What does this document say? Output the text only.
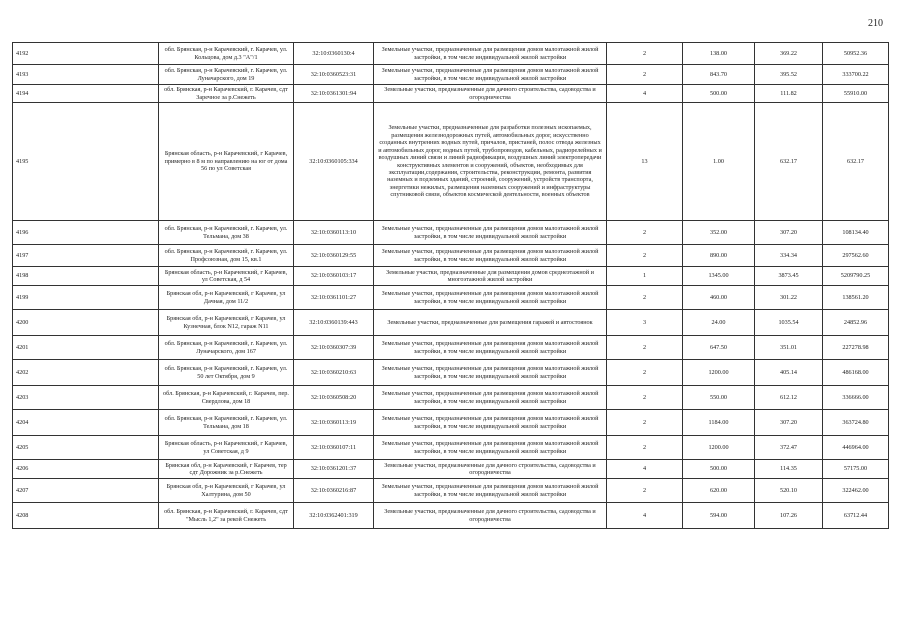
210
4192	обл. Брянская, р-н Карачевский, г. Карачев, ул. Кольцова, дом д.3 "А"/1	32:10:0360130:4	Земельные участки, предназначенные для размещения домов малоэтажной жилой застройки, в том числе индивидуальной жилой застройки	2	138.00	369.22	50952.36
4193	обл. Брянская, р-н Карачевский, г. Карачев, ул. Луначарского, дом 19	32:10:0360523:31	Земельные участки, предназначенные для размещения домов малоэтажной жилой застройки, в том числе индивидуальной жилой застройки	2	843.70	395.52	333700.22
4194	обл. Брянская, р-н Карачевский, г. Карачев, сдт Заречное за р.Снежеть	32:10:0361301:94	Земельные участки, предназначенные для дачного строительства, садоводства и огородничества	4	500.00	111.82	55910.00
4195	Брянская область, р-н Карачевский, г Карачев, примерно в 8 м по направлению на юг от дома 56 по ул Советская	32:10:0360105:334	Земельные участки, предназначенные для разработки полезных ископаемых, размещения железнодорожных путей, автомобильных дорог, искусственно созданных внутренних водных путей, причалов, пристаней, полос отвода железных и автомобильных дорог, водных путей, трубопроводов, кабельных, радиорелейных и воздушных линий связи и линий радиофикации, воздушных линий электропередачи конструктивных элементов и сооружений, объектов, необходимых для эксплуатации,содержания, строительства, реконструкции, ремонта, развития наземных и подземных зданий, строений, сооружений, устройств транспорта, энергетики нежилых, размещения наземных сооружений и инфраструктуры спутниковой связи, объектов космической деятельности, военных объектов	13	1.00	632.17	632.17
4196	обл. Брянская, р-н Карачевский, г. Карачев, ул. Тельмана, дом 38	32:10:0360113:10	Земельные участки, предназначенные для размещения домов малоэтажной жилой застройки, в том числе индивидуальной жилой застройки	2	352.00	307.20	108134.40
4197	обл. Брянская, р-н Карачевский, г. Карачев, ул. Профсоюзная, дом 15, кв.1	32:10:0360129:55	Земельные участки, предназначенные для размещения домов малоэтажной жилой застройки, в том числе индивидуальной жилой застройки	2	890.00	334.34	297562.60
4198	Брянская область, р-н Карачевский, г Карачев, ул Советская, д 54	32:10:0360103:17	Земельные участки, предназначенные для размещения домов среднеэтажной и многоэтажной жилой застройки	1	1345.00	3873.45	5209790.25
4199	Брянская обл, р-н Карачевский, г Карачев, ул Дачная, дом 11/2	32:10:0361101:27	Земельные участки, предназначенные для размещения домов малоэтажной жилой застройки, в том числе индивидуальной жилой застройки	2	460.00	301.22	138561.20
4200	Брянская обл, р-н Карачевский, г Карачев, ул Кузнечная, блок N12, гараж N11	32:10:0360139:443	Земельные участки, предназначенные для размещения гаражей и автостоянок	3	24.00	1035.54	24852.96
4201	обл. Брянская, р-н Карачевский, г. Карачев, ул. Луначарского, дом 167	32:10:0360307:39	Земельные участки, предназначенные для размещения домов малоэтажной жилой застройки, в том числе индивидуальной жилой застройки	2	647.50	351.01	227278.98
4202	обл. Брянская, р-н Карачевский, г. Карачев, ул. 50 лет Октября, дом 9	32:10:0360210:63	Земельные участки, предназначенные для размещения домов малоэтажной жилой застройки, в том числе индивидуальной жилой застройки	2	1200.00	405.14	486168.00
4203	обл. Брянская, р-н Карачевский, г. Карачев, пер. Свердлова, дом 18	32:10:0360508:20	Земельные участки, предназначенные для размещения домов малоэтажной жилой застройки, в том числе индивидуальной жилой застройки	2	550.00	612.12	336666.00
4204	обл. Брянская, р-н Карачевский, г. Карачев, ул. Тельмана, дом 18	32:10:0360113:19	Земельные участки, предназначенные для размещения домов малоэтажной жилой застройки, в том числе индивидуальной жилой застройки	2	1184.00	307.20	363724.80
4205	Брянская область, р-н Карачевский, г Карачев, ул Советская, д 9	32:10:0360107:11	Земельные участки, предназначенные для размещения домов малоэтажной жилой застройки, в том числе индивидуальной жилой застройки	2	1200.00	372.47	446964.00
4206	Брянская обл, р-н Карачевский, г Карачев, тер сдт Дорожник за р.Снежеть	32:10:0361201:37	Земельные участки, предназначенные для дачного строительства, садоводства и огородничества	4	500.00	114.35	57175.00
4207	Брянская обл, р-н Карачевский, г Карачев, ул Халтурина, дом 50	32:10:0360216:87	Земельные участки, предназначенные для размещения домов малоэтажной жилой застройки, в том числе индивидуальной жилой застройки	2	620.00	520.10	322462.00
4208	обл. Брянская, р-н Карачевский, г. Карачев, сдт "Мысль 1,2" за рекой Снежеть	32:10:0362401:319	Земельные участки, предназначенные для дачного строительства, садоводства и огородничества	4	594.00	107.26	63712.44
